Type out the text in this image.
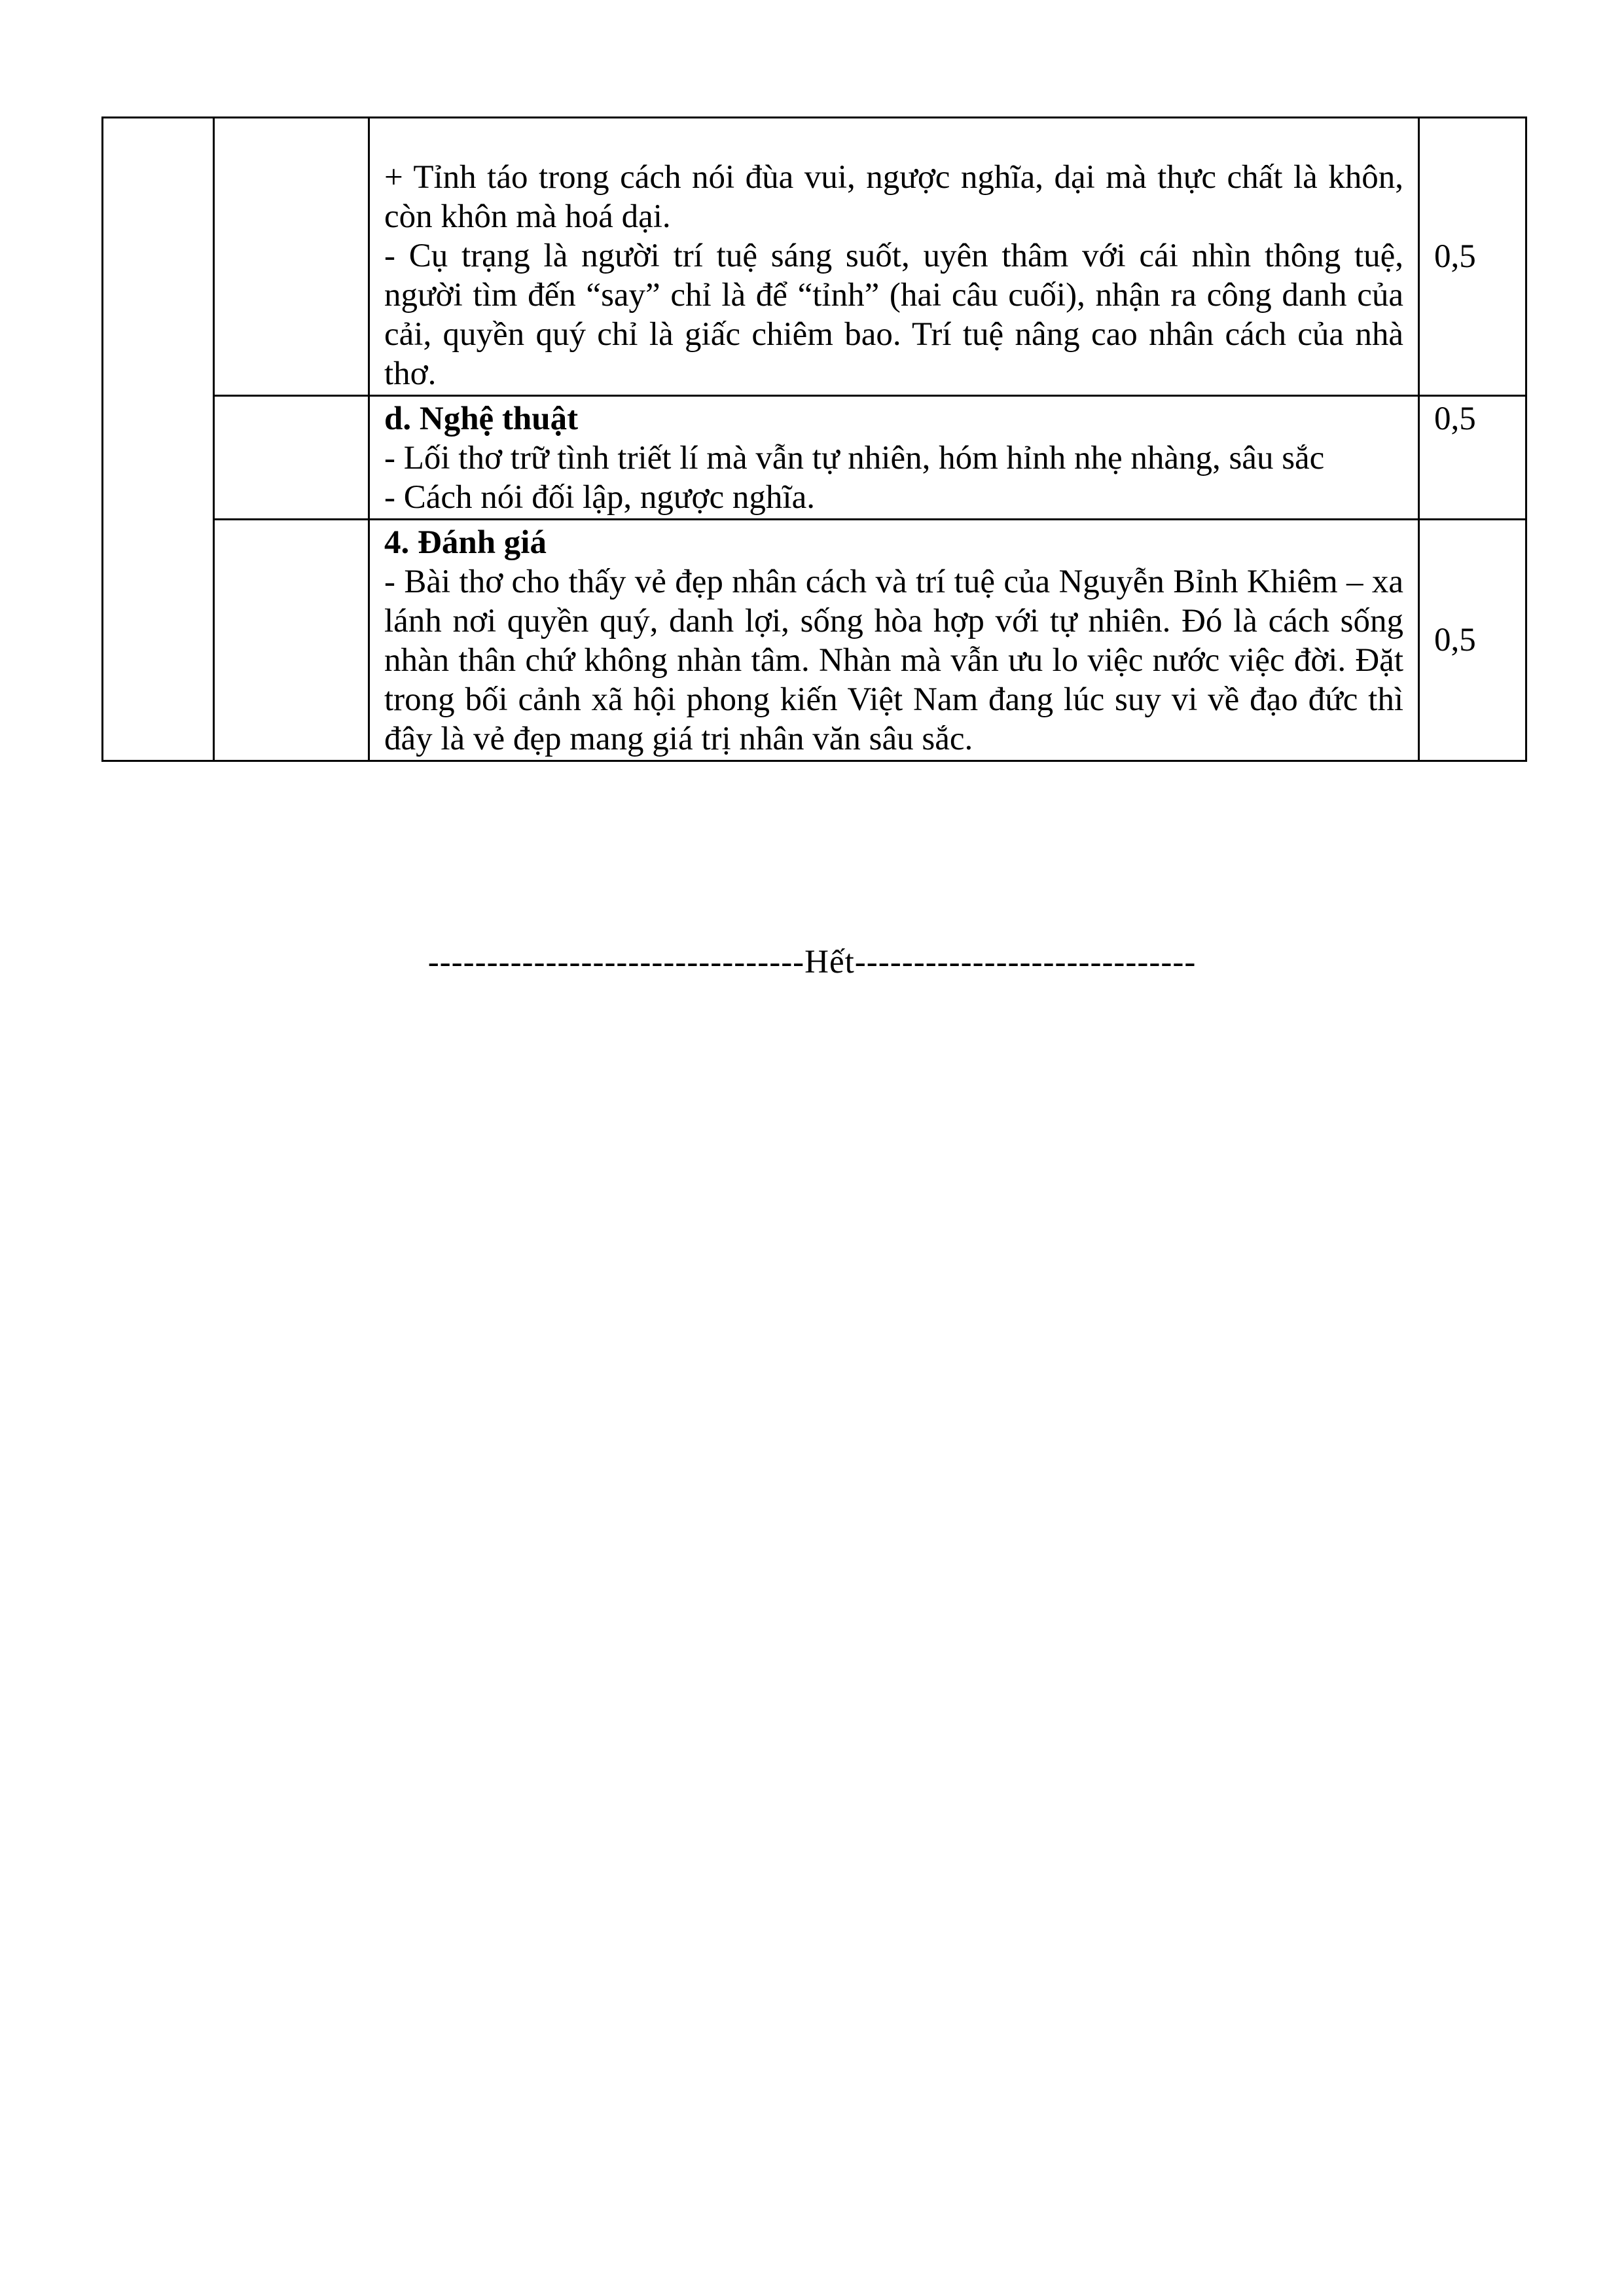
		+ Tỉnh táo trong cách nói đùa vui, ngược nghĩa, dại mà thực chất là khôn, còn khôn mà hoá dại.
- Cụ trạng là người trí tuệ sáng suốt, uyên thâm với cái nhìn thông tuệ, người tìm đến “say” chỉ là để “tỉnh” (hai câu cuối), nhận ra công danh của cải, quyền quý chỉ là giấc chiêm bao. Trí tuệ nâng cao nhân cách của nhà thơ.	0,5

		d. Nghệ thuật
- Lối thơ trữ tình triết lí mà vẫn tự nhiên, hóm hỉnh nhẹ nhàng, sâu sắc
- Cách nói đối lập, ngược nghĩa.	0,5

		4. Đánh giá
- Bài thơ cho thấy vẻ đẹp nhân cách và trí tuệ của Nguyễn Bỉnh Khiêm – xa lánh nơi quyền quý, danh lợi, sống hòa hợp với tự nhiên. Đó là cách sống nhàn thân chứ không nhàn tâm. Nhàn mà vẫn ưu lo việc nước việc đời. Đặt trong bối cảnh xã hội phong kiến Việt Nam đang lúc suy vi về đạo đức thì đây là vẻ đẹp mang giá trị nhân văn sâu sắc.	0,5
--------------------------------Hết-----------------------------
